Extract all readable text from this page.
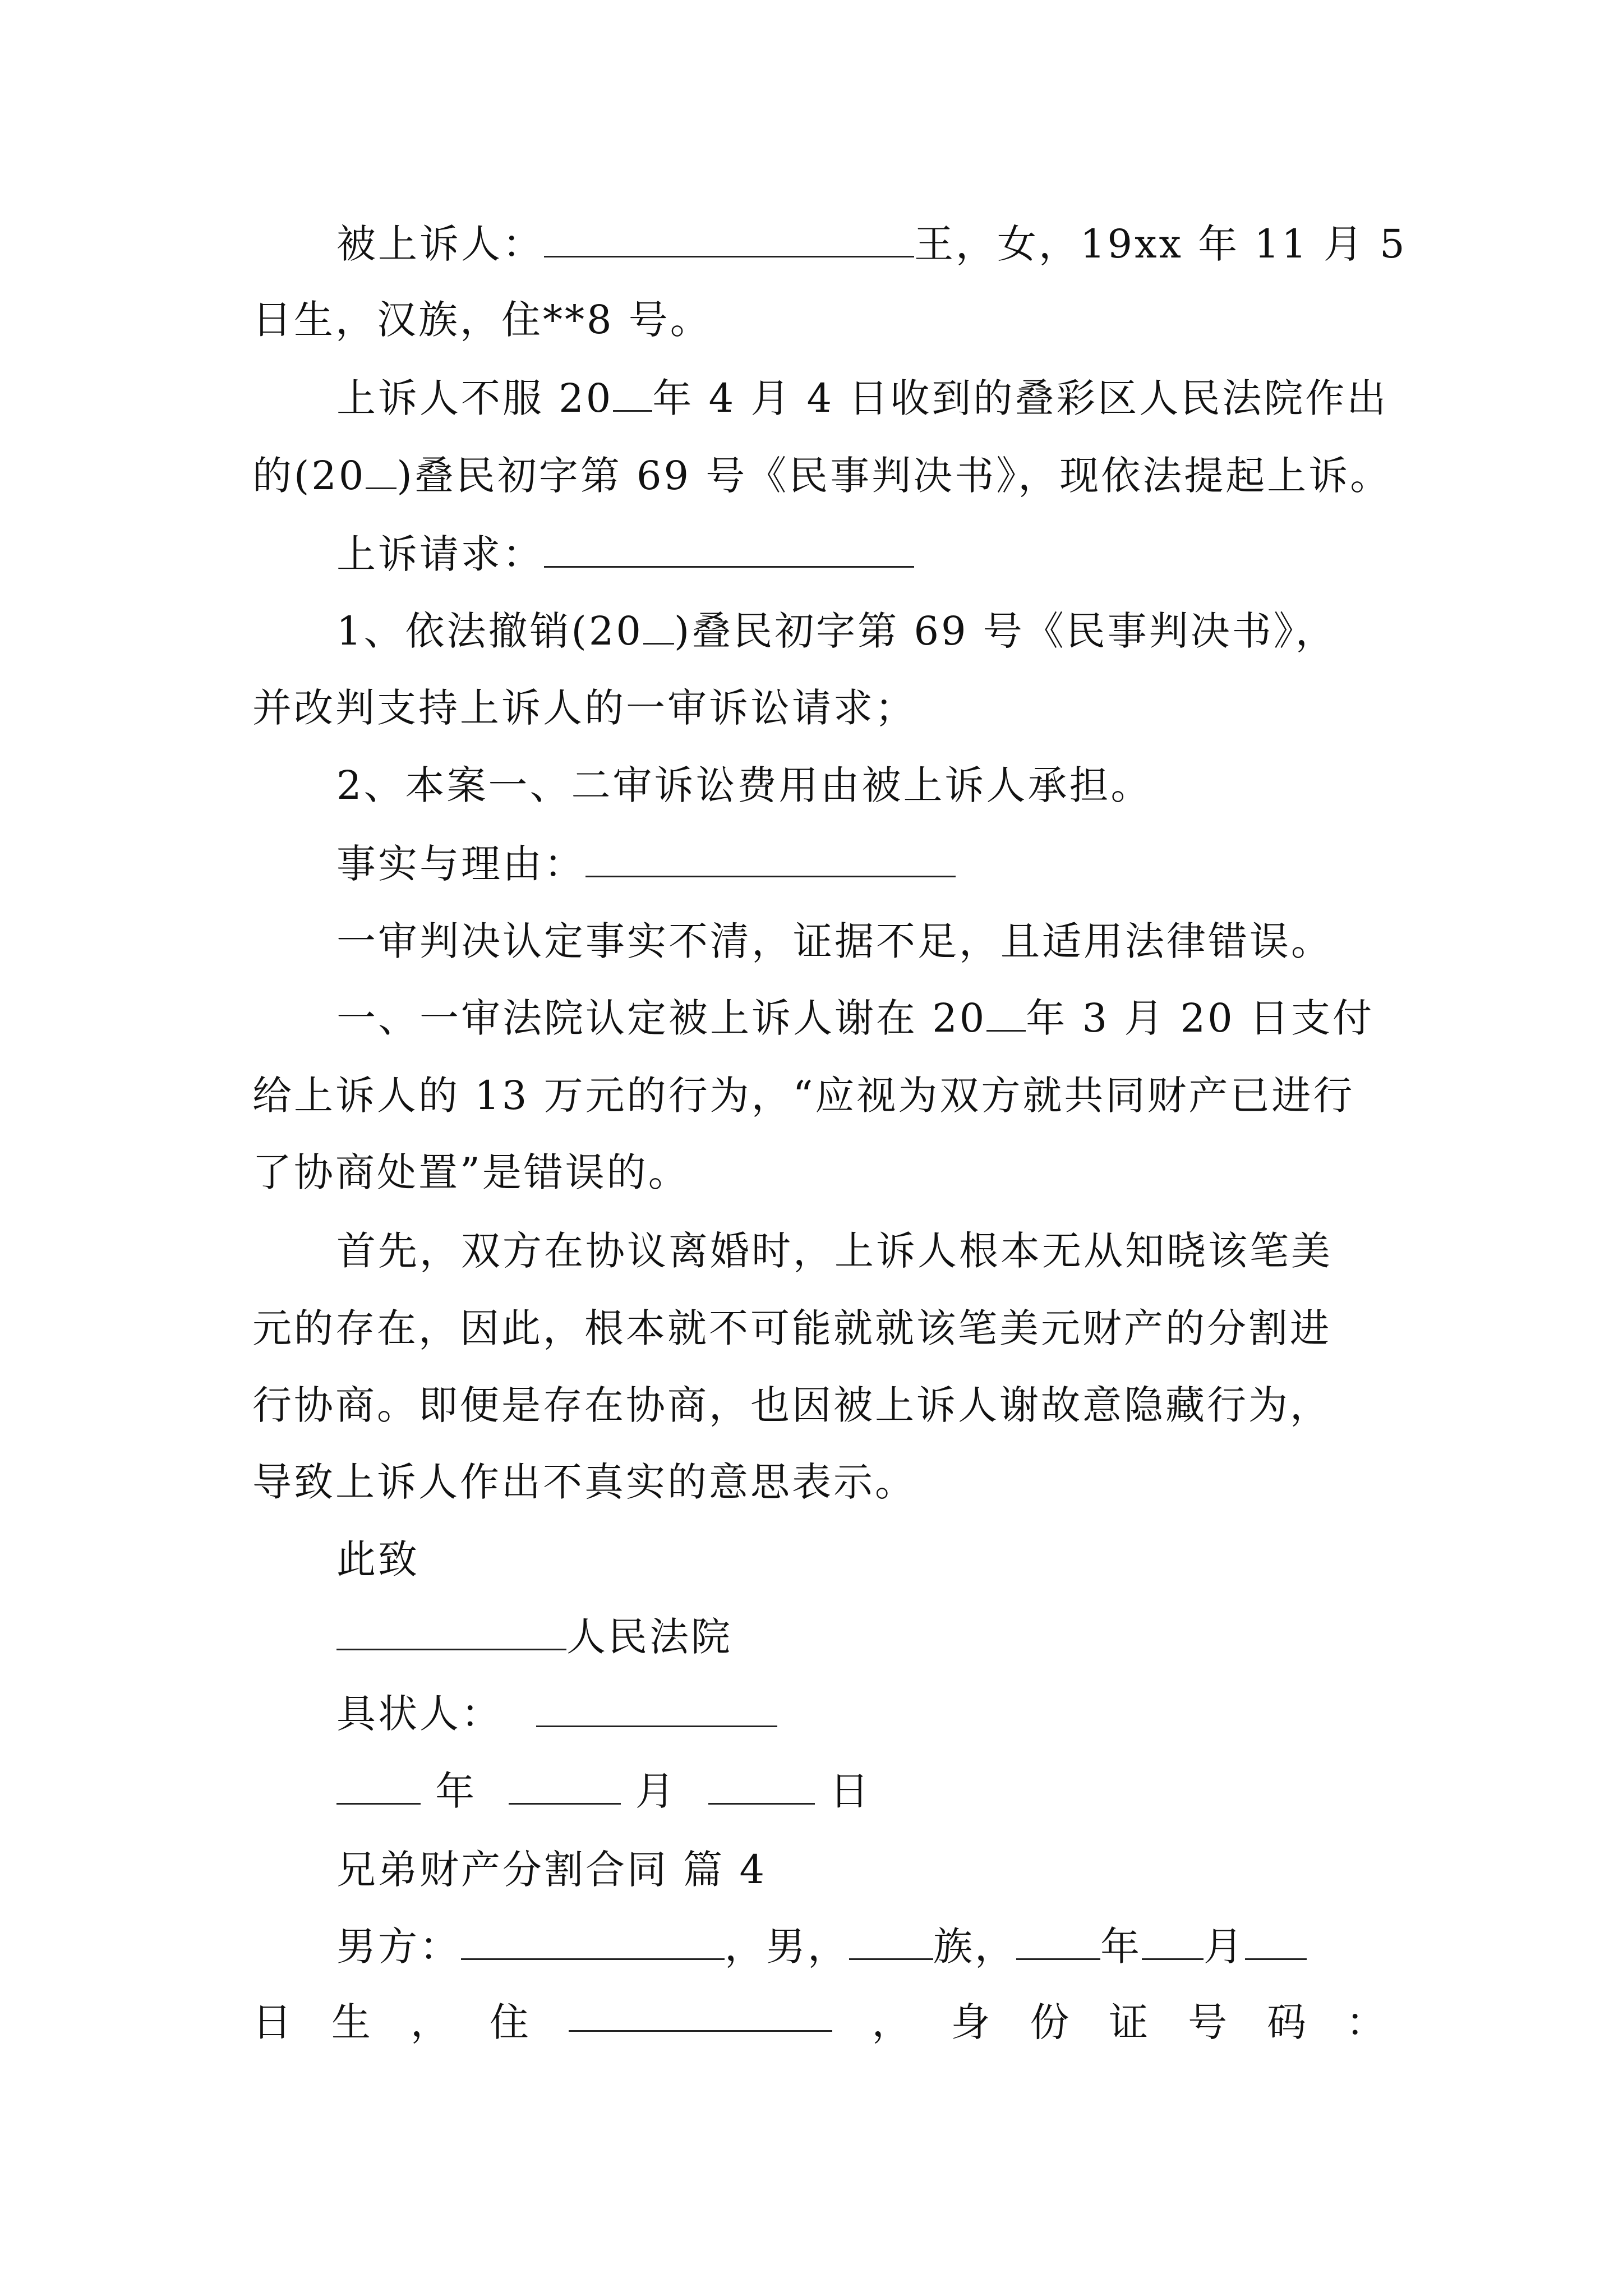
被上诉人：	王，女，19xx 年 11 月 5
日生，汉族，住**8 号。
上诉人不服 20 年 4 月 4 日收到的叠彩区人民法院作出
的(20 )叠民初字第 69 号《民事判决书》，现依法提起上诉。
上诉请求：
1、依法撤销(20 )叠民初字第 69 号《民事判决书》，
并改判支持上诉人的一审诉讼请求；
2、本案一、二审诉讼费用由被上诉人承担。
事实与理由：
一审判决认定事实不清，证据不足，且适用法律错误。
一、一审法院认定被上诉人谢在 20 年 3 月 20 日支付
给上诉人的 13 万元的行为，“应视为双方就共同财产已进行
了协商处置”是错误的。
首先，双方在协议离婚时，上诉人根本无从知晓该笔美
元的存在，因此，根本就不可能就就该笔美元财产的分割进
行协商。即便是存在协商，也因被上诉人谢故意隐藏行为，
导致上诉人作出不真实的意思表示。
此致
人民法院
具状人：
年	月	日
兄弟财产分割合同 篇 4
男方：	，男， 族， 年 月
日 生 ， 住	， 身 份 证 号 码 ：
